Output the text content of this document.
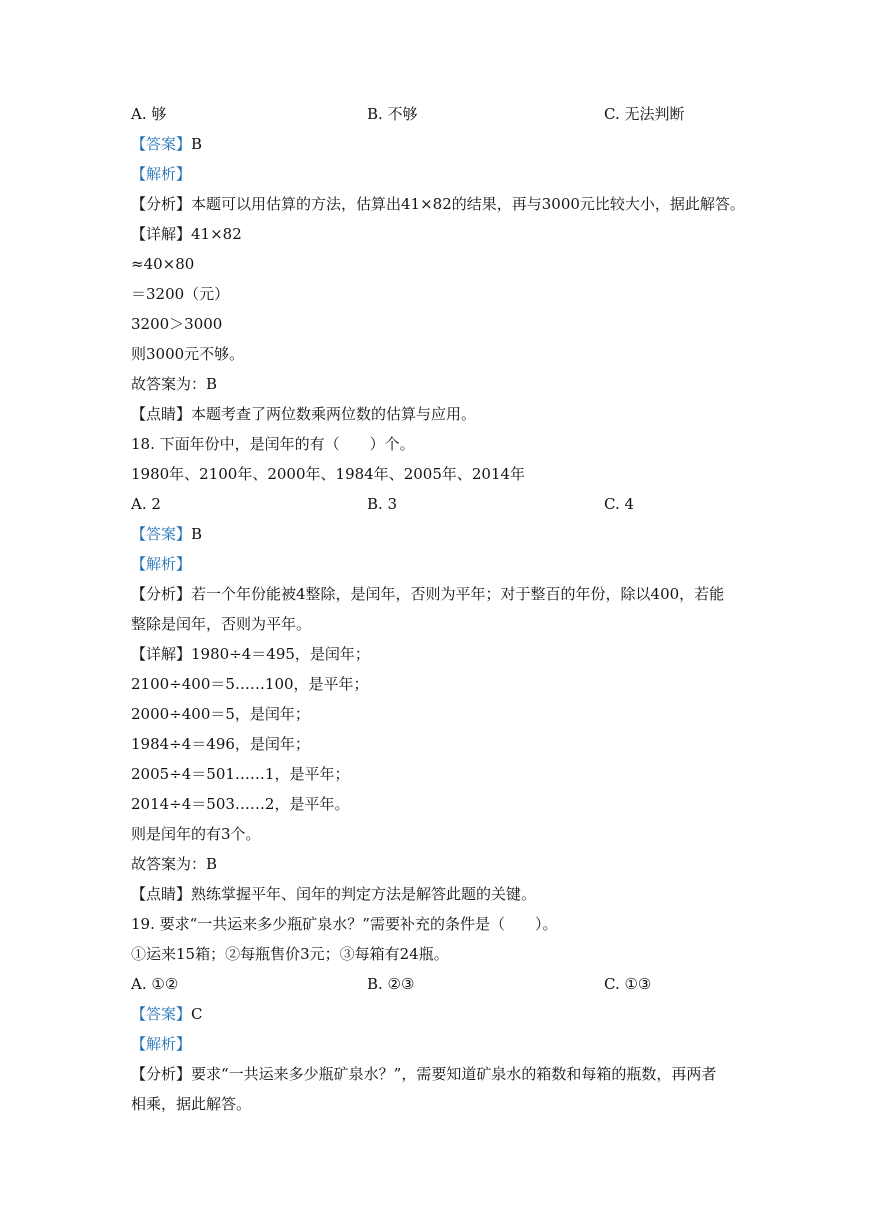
A. 够	B. 不够	C. 无法判断
【答案】B
【解析】
【分析】本题可以用估算的方法，估算出41×82的结果，再与3000元比较大小，据此解答。
【详解】41×82
≈40×80
＝3200（元）
3200＞3000
则3000元不够。
故答案为：B
【点睛】本题考查了两位数乘两位数的估算与应用。
18. 下面年份中，是闰年的有（　　）个。
1980年、2100年、2000年、1984年、2005年、2014年
A. 2	B. 3	C. 4
【答案】B
【解析】
【分析】若一个年份能被4整除，是闰年，否则为平年；对于整百的年份，除以400，若能
整除是闰年，否则为平年。
【详解】1980÷4＝495，是闰年；
2100÷400＝5……100，是平年；
2000÷400＝5，是闰年；
1984÷4＝496，是闰年；
2005÷4＝501……1，是平年；
2014÷4＝503……2，是平年。
则是闰年的有3个。
故答案为：B
【点睛】熟练掌握平年、闰年的判定方法是解答此题的关键。
19. 要求“一共运来多少瓶矿泉水？”需要补充的条件是（　　）。
①运来15箱；②每瓶售价3元；③每箱有24瓶。
A. ①②	B. ②③	C. ①③
【答案】C
【解析】
【分析】要求“一共运来多少瓶矿泉水？”，需要知道矿泉水的箱数和每箱的瓶数，再两者
相乘，据此解答。
